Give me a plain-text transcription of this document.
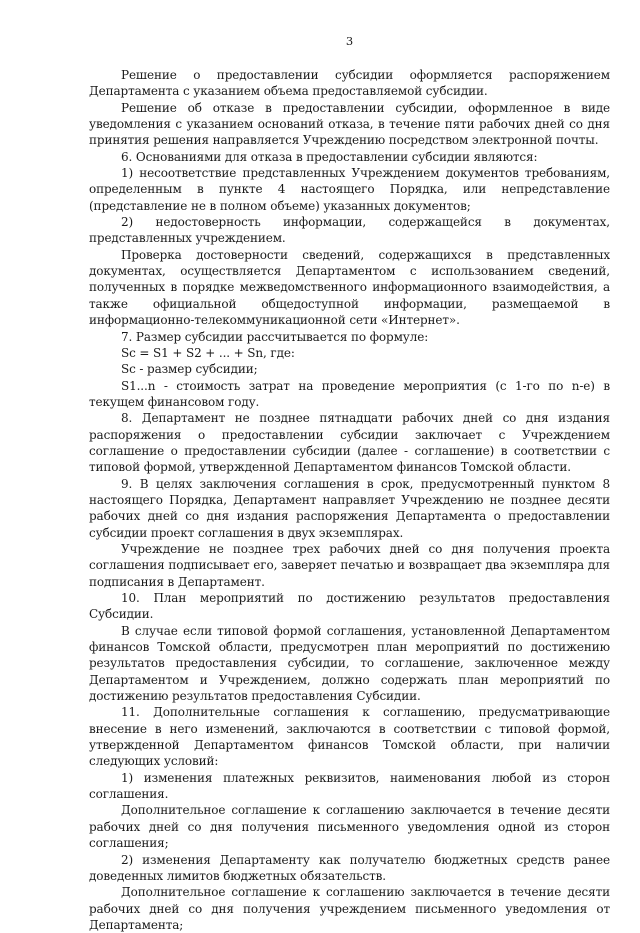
3

Решение о предоставлении субсидии оформляется распоряжением Департамента с указанием объема предоставляемой субсидии.

Решение об отказе в предоставлении субсидии, оформленное в виде уведомления с указанием оснований отказа, в течение пяти рабочих дней со дня принятия решения направляется Учреждению посредством электронной почты.

6. Основаниями для отказа в предоставлении субсидии являются:

1) несоответствие представленных Учреждением документов требованиям, определенным в пункте 4 настоящего Порядка, или непредставление (представление не в полном объеме) указанных документов;

2) недостоверность информации, содержащейся в документах, представленных учреждением.

Проверка достоверности сведений, содержащихся в представленных документах, осуществляется Департаментом с использованием сведений, полученных в порядке межведомственного информационного взаимодействия, а также официальной общедоступной информации, размещаемой в информационно-телекоммуникационной сети «Интернет».

7. Размер субсидии рассчитывается по формуле:

Sc = S1 + S2 + ... + Sn, где:

Sc - размер субсидии;

S1...n - стоимость затрат на проведение мероприятия (с 1-го по n-е) в текущем финансовом году.

8. Департамент не позднее пятнадцати рабочих дней со дня издания распоряжения о предоставлении субсидии заключает с Учреждением соглашение о предоставлении субсидии (далее - соглашение) в соответствии с типовой формой, утвержденной Департаментом финансов Томской области.

9. В целях заключения соглашения в срок, предусмотренный пунктом 8 настоящего Порядка, Департамент направляет Учреждению не позднее десяти рабочих дней со дня издания распоряжения Департамента о предоставлении субсидии проект соглашения в двух экземплярах.

Учреждение не позднее трех рабочих дней со дня получения проекта соглашения подписывает его, заверяет печатью и возвращает два экземпляра для подписания в Департамент.

10. План мероприятий по достижению результатов предоставления Субсидии.

В случае если типовой формой соглашения, установленной Департаментом финансов Томской области, предусмотрен план мероприятий по достижению результатов предоставления субсидии, то соглашение, заключенное между Департаментом и Учреждением, должно содержать план мероприятий по достижению результатов предоставления Субсидии.

11. Дополнительные соглашения к соглашению, предусматривающие внесение в него изменений, заключаются в соответствии с типовой формой, утвержденной Департаментом финансов Томской области, при наличии следующих условий:

1) изменения платежных реквизитов, наименования любой из сторон соглашения.

Дополнительное соглашение к соглашению заключается в течение десяти рабочих дней со дня получения письменного уведомления одной из сторон соглашения;

2) изменения Департаменту как получателю бюджетных средств ранее доведенных лимитов бюджетных обязательств.

Дополнительное соглашение к соглашению заключается в течение десяти рабочих дней со дня получения учреждением письменного уведомления от Департамента;
